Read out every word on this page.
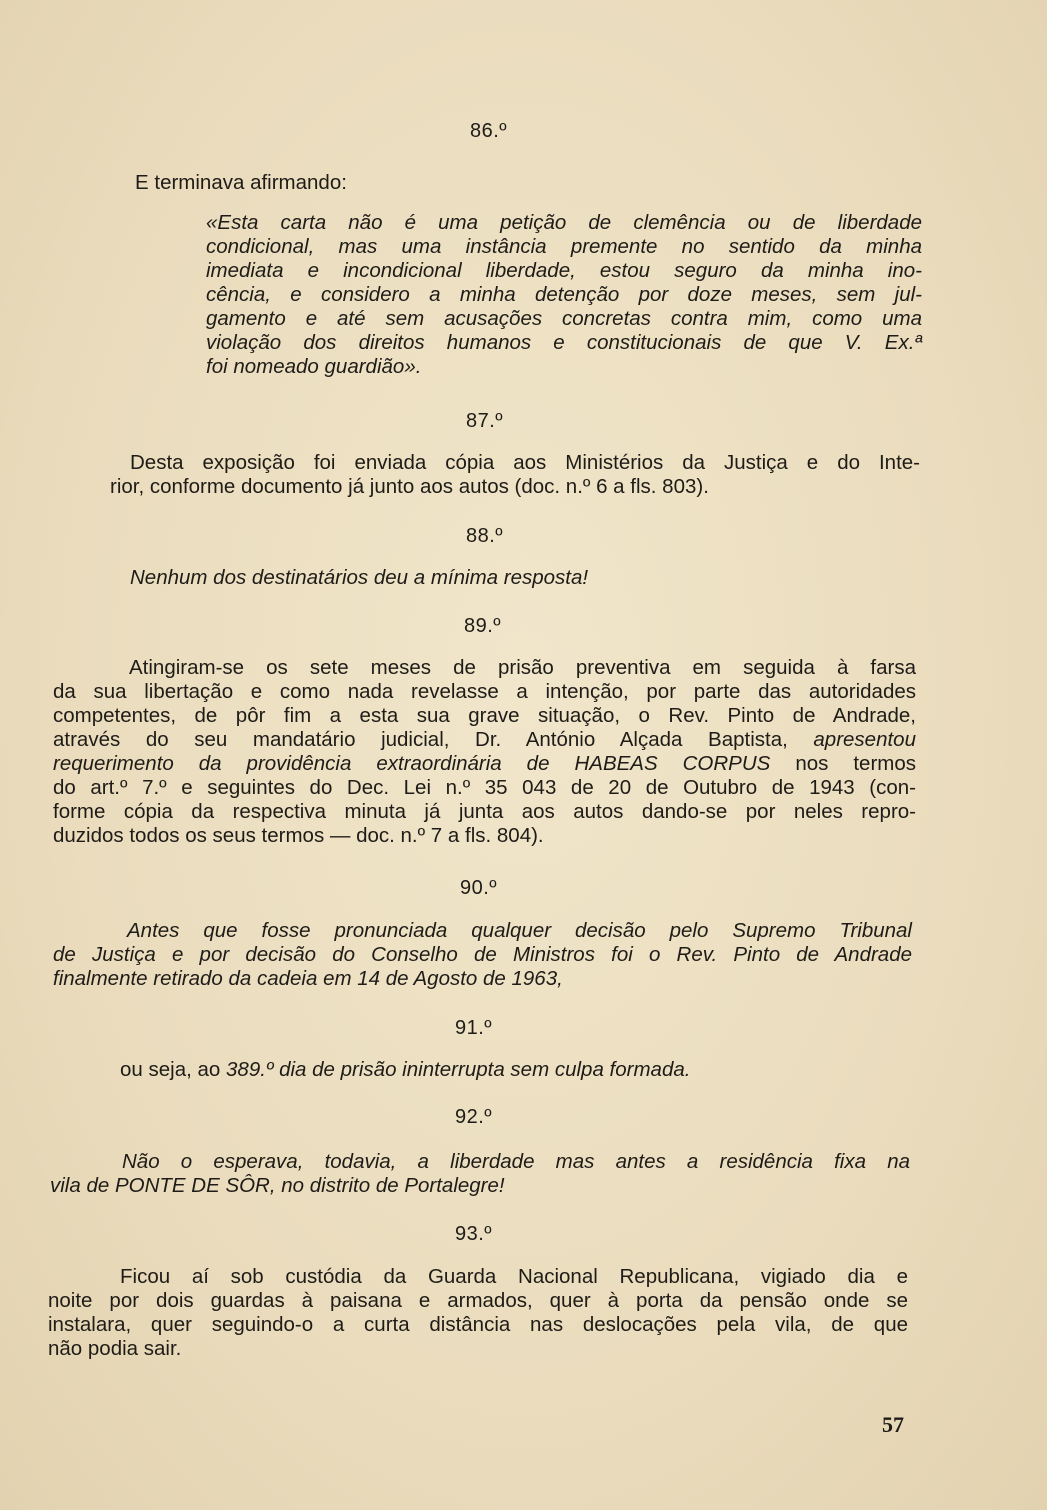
86.º
E terminava afirmando:
«Esta carta não é uma petição de clemência ou de liberdade
condicional, mas uma instância premente no sentido da minha
imediata e incondicional liberdade, estou seguro da minha ino-
cência, e considero a minha detenção por doze meses, sem jul-
gamento e até sem acusações concretas contra mim, como uma
violação dos direitos humanos e constitucionais de que V. Ex.ª
foi nomeado guardião».
87.º
Desta exposição foi enviada cópia aos Ministérios da Justiça e do Inte-
rior, conforme documento já junto aos autos (doc. n.º 6 a fls. 803).
88.º
Nenhum dos destinatários deu a mínima resposta!
89.º
Atingiram-se os sete meses de prisão preventiva em seguida à farsa
da sua libertação e como nada revelasse a intenção, por parte das autoridades
competentes, de pôr fim a esta sua grave situação, o Rev. Pinto de Andrade,
através do seu mandatário judicial, Dr. António Alçada Baptista, apresentou
requerimento da providência extraordinária de HABEAS CORPUS nos termos
do art.º 7.º e seguintes do Dec. Lei n.º 35 043 de 20 de Outubro de 1943 (con-
forme cópia da respectiva minuta já junta aos autos dando-se por neles repro-
duzidos todos os seus termos — doc. n.º 7 a fls. 804).
90.º
Antes que fosse pronunciada qualquer decisão pelo Supremo Tribunal
de Justiça e por decisão do Conselho de Ministros foi o Rev. Pinto de Andrade
finalmente retirado da cadeia em 14 de Agosto de 1963,
91.º
ou seja, ao 389.º dia de prisão ininterrupta sem culpa formada.
92.º
Não o esperava, todavia, a liberdade mas antes a residência fixa na
vila de PONTE DE SÔR, no distrito de Portalegre!
93.º
Ficou aí sob custódia da Guarda Nacional Republicana, vigiado dia e
noite por dois guardas à paisana e armados, quer à porta da pensão onde se
instalara, quer seguindo-o a curta distância nas deslocações pela vila, de que
não podia sair.
57
